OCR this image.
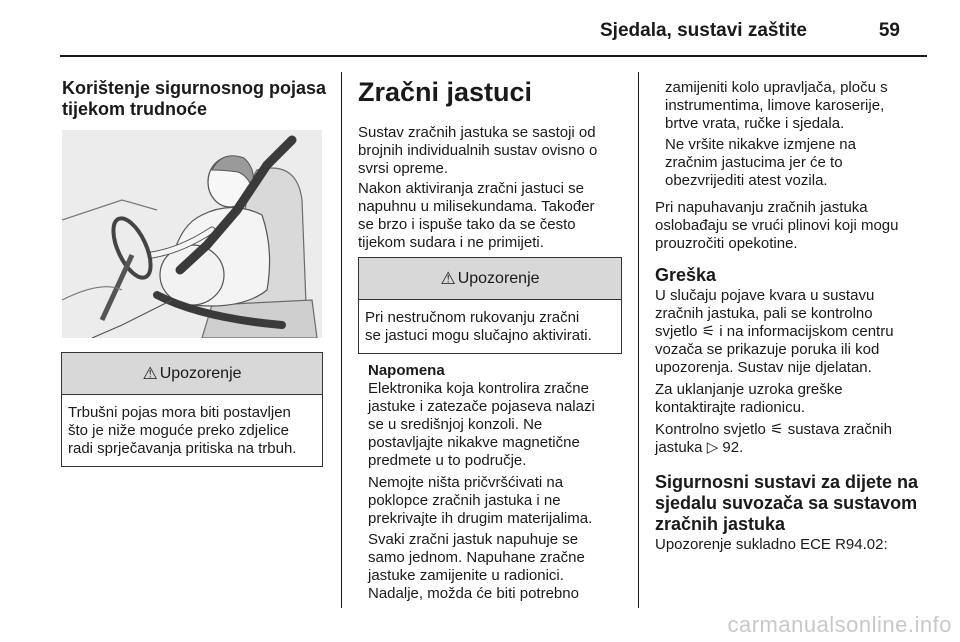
Sjedala, sustavi zaštite	59
Korištenje sigurnosnog pojasa
tijekom trudnoće
⚠ Upozorenje
Trbušni pojas mora biti postavljen
što je niže moguće preko zdjelice
radi sprječavanja pritiska na trbuh.
Zračni jastuci
Sustav zračnih jastuka se sastoji od
brojnih individualnih sustav ovisno o
svrsi opreme.
Nakon aktiviranja zračni jastuci se
napuhnu u milisekundama. Također
se brzo i ispuše tako da se često
tijekom sudara i ne primijeti.
⚠ Upozorenje
Pri nestručnom rukovanju zračni
se jastuci mogu slučajno aktivirati.
Napomena
Elektronika koja kontrolira zračne
jastuke i zatezače pojaseva nalazi
se u središnjoj konzoli. Ne
postavljajte nikakve magnetične
predmete u to područje.
Nemojte ništa pričvršćivati na
poklopce zračnih jastuka i ne
prekrivajte ih drugim materijalima.
Svaki zračni jastuk napuhuje se
samo jednom. Napuhane zračne
jastuke zamijenite u radionici.
Nadalje, možda će biti potrebno
zamijeniti kolo upravljača, ploču s
instrumentima, limove karoserije,
brtve vrata, ručke i sjedala.
Ne vršite nikakve izmjene na
zračnim jastucima jer će to
obezvrijediti atest vozila.
Pri napuhavanju zračnih jastuka
oslobađaju se vrući plinovi koji mogu
prouzročiti opekotine.
Greška
U slučaju pojave kvara u sustavu
zračnih jastuka, pali se kontrolno
svjetlo ⚟ i na informacijskom centru
vozača se prikazuje poruka ili kod
upozorenja. Sustav nije djelatan.
Za uklanjanje uzroka greške
kontaktirajte radionicu.
Kontrolno svjetlo ⚟ sustava zračnih
jastuka ▷ 92.
Sigurnosni sustavi za dijete na
sjedalu suvozača sa sustavom
zračnih jastuka
Upozorenje sukladno ECE R94.02:
carmanualsonline.info
